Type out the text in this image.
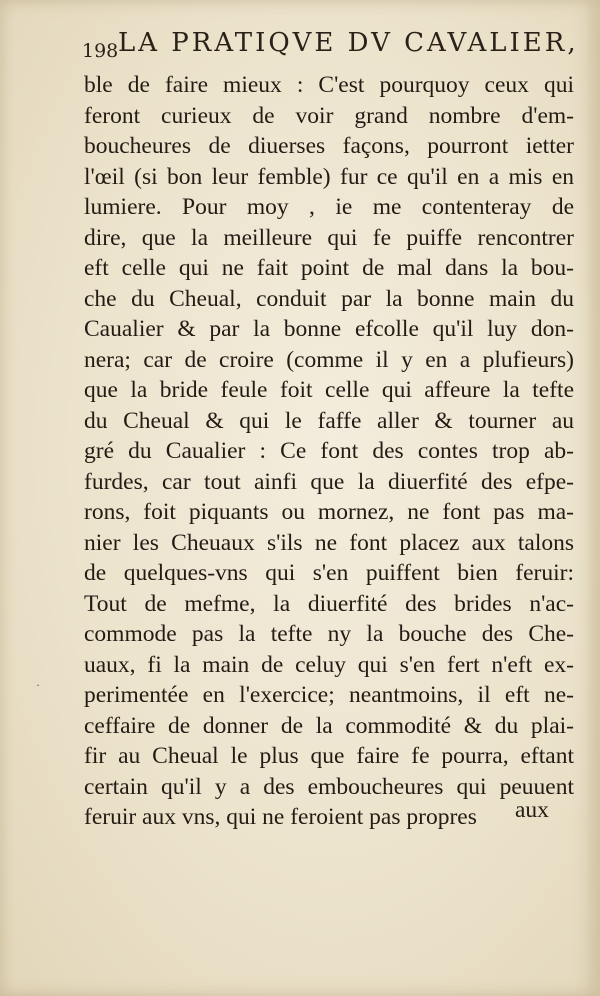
198 LA PRATIQVE DV CAVALIER,
·
ble de faire mieux : C'est pourquoy ceux qui
feront curieux de voir grand nombre d'em-
boucheures de diuerses façons, pourront ietter
l'œil (si bon leur femble) fur ce qu'il en a mis en
lumiere. Pour moy , ie me contenteray de
dire, que la meilleure qui fe puiffe rencontrer
eft celle qui ne fait point de mal dans la bou-
che du Cheual, conduit par la bonne main du
Caualier & par la bonne efcolle qu'il luy don-
nera; car de croire (comme il y en a plufieurs)
que la bride feule foit celle qui affeure la tefte
du Cheual & qui le faffe aller & tourner au
gré du Caualier : Ce font des contes trop ab-
furdes, car tout ainfi que la diuerfité des efpe-
rons, foit piquants ou mornez, ne font pas ma-
nier les Cheuaux s'ils ne font placez aux talons
de quelques-vns qui s'en puiffent bien feruir:
Tout de mefme, la diuerfité des brides n'ac-
commode pas la tefte ny la bouche des Che-
uaux, fi la main de celuy qui s'en fert n'eft ex-
perimentée en l'exercice; neantmoins, il eft ne-
ceffaire de donner de la commodité & du plai-
fir au Cheual le plus que faire fe pourra, eftant
certain qu'il y a des emboucheures qui peuuent
feruir aux vns, qui ne feroient pas propres	aux
